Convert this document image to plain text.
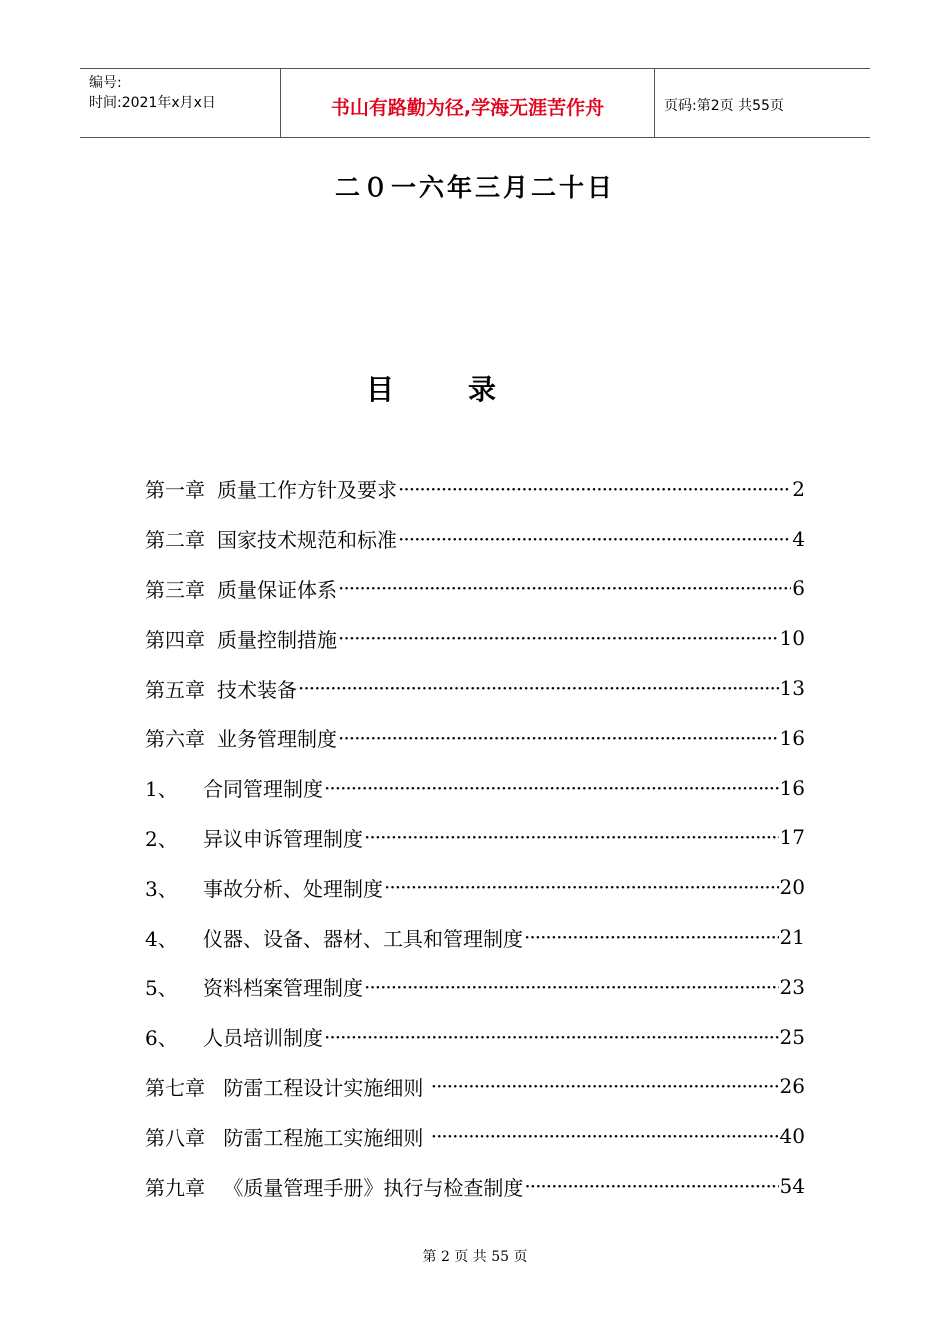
编号:
时间:2021年x月x日	书山有路勤为径,学海无涯苦作舟	页码:第2页 共55页
二０一六年三月二十日
目	录
第一章 质量工作方针及要求 ·····	2
第二章 国家技术规范和标准 ·····	4
第三章 质量保证体系 ·····	6
第四章 质量控制措施 ·····	10
第五章 技术装备 ·····	13
第六章 业务管理制度 ·····	16
1、 合同管理制度 ·····	16
2、 异议申诉管理制度 ·····	17
3、 事故分析、处理制度 ·····	20
4、 仪器、设备、器材、工具和管理制度 ·····	21
5、 资料档案管理制度 ·····	23
6、 人员培训制度 ·····	25
第七章 防雷工程设计实施细则 ·····	26
第八章 防雷工程施工实施细则 ·····	40
第九章 《质量管理手册》执行与检查制度 ·····	54
第 2 页 共 55 页
